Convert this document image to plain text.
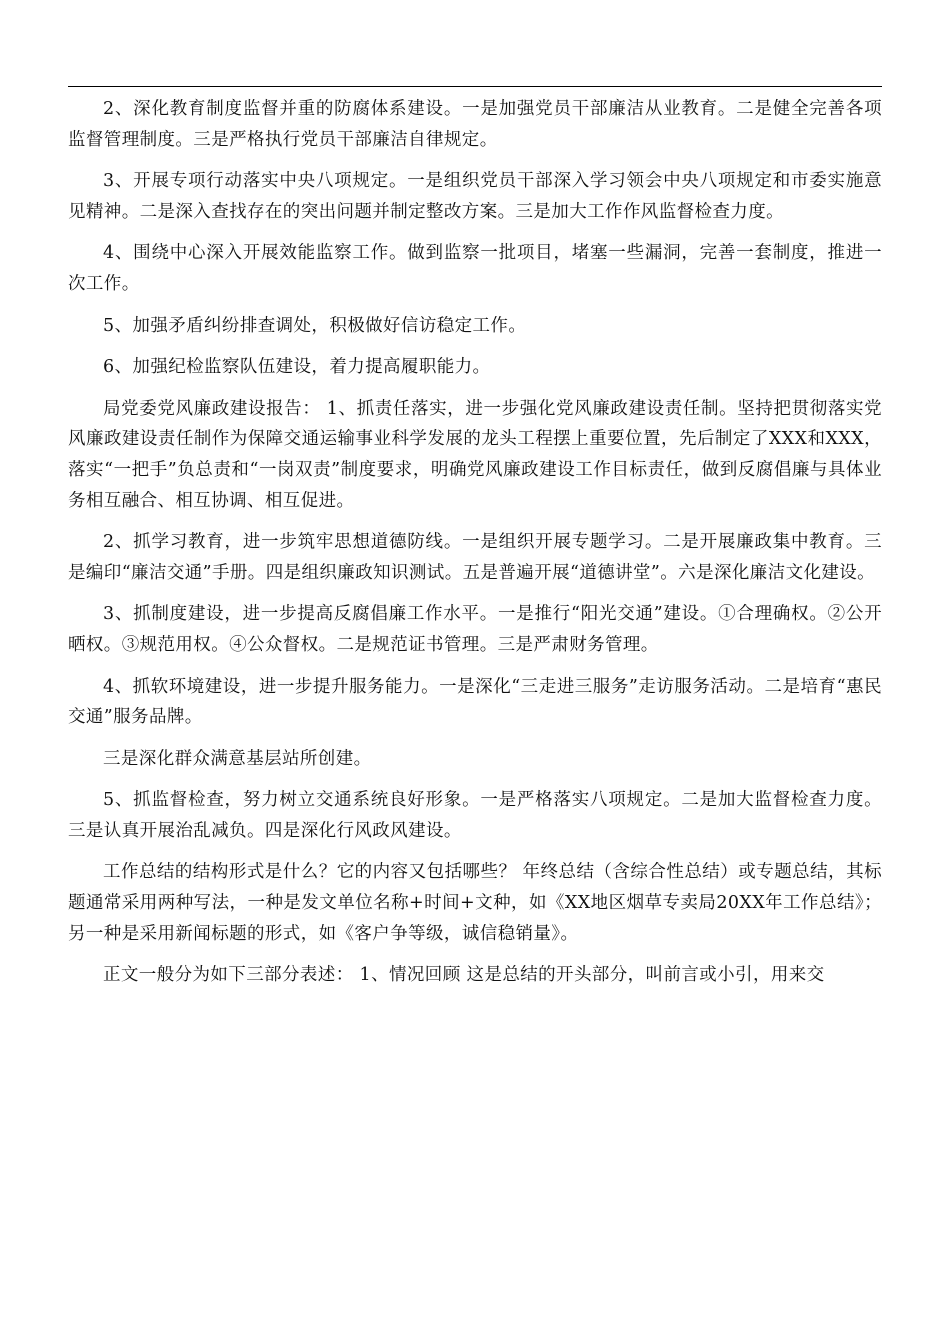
2、深化教育制度监督并重的防腐体系建设。一是加强党员干部廉洁从业教育。二是健全完善各项监督管理制度。三是严格执行党员干部廉洁自律规定。

3、开展专项行动落实中央八项规定。一是组织党员干部深入学习领会中央八项规定和市委实施意见精神。二是深入查找存在的突出问题并制定整改方案。三是加大工作作风监督检查力度。

4、围绕中心深入开展效能监察工作。做到监察一批项目，堵塞一些漏洞，完善一套制度，推进一次工作。

5、加强矛盾纠纷排查调处，积极做好信访稳定工作。

6、加强纪检监察队伍建设，着力提高履职能力。

局党委党风廉政建设报告： 1、抓责任落实，进一步强化党风廉政建设责任制。坚持把贯彻落实党风廉政建设责任制作为保障交通运输事业科学发展的龙头工程摆上重要位置，先后制定了XXX和XXX，落实“一把手”负总责和“一岗双责”制度要求，明确党风廉政建设工作目标责任，做到反腐倡廉与具体业务相互融合、相互协调、相互促进。

2、抓学习教育，进一步筑牢思想道德防线。一是组织开展专题学习。二是开展廉政集中教育。三是编印“廉洁交通”手册。四是组织廉政知识测试。五是普遍开展“道德讲堂”。六是深化廉洁文化建设。

3、抓制度建设，进一步提高反腐倡廉工作水平。一是推行“阳光交通”建设。①合理确权。②公开晒权。③规范用权。④公众督权。二是规范证书管理。三是严肃财务管理。

4、抓软环境建设，进一步提升服务能力。一是深化“三走进三服务”走访服务活动。二是培育“惠民交通”服务品牌。

三是深化群众满意基层站所创建。

5、抓监督检查，努力树立交通系统良好形象。一是严格落实八项规定。二是加大监督检查力度。三是认真开展治乱减负。四是深化行风政风建设。

工作总结的结构形式是什么？它的内容又包括哪些？ 年终总结（含综合性总结）或专题总结，其标题通常采用两种写法，一种是发文单位名称+时间+文种，如《XX地区烟草专卖局20XX年工作总结》；另一种是采用新闻标题的形式，如《客户争等级，诚信稳销量》。

正文一般分为如下三部分表述： 1、情况回顾 这是总结的开头部分，叫前言或小引，用来交
